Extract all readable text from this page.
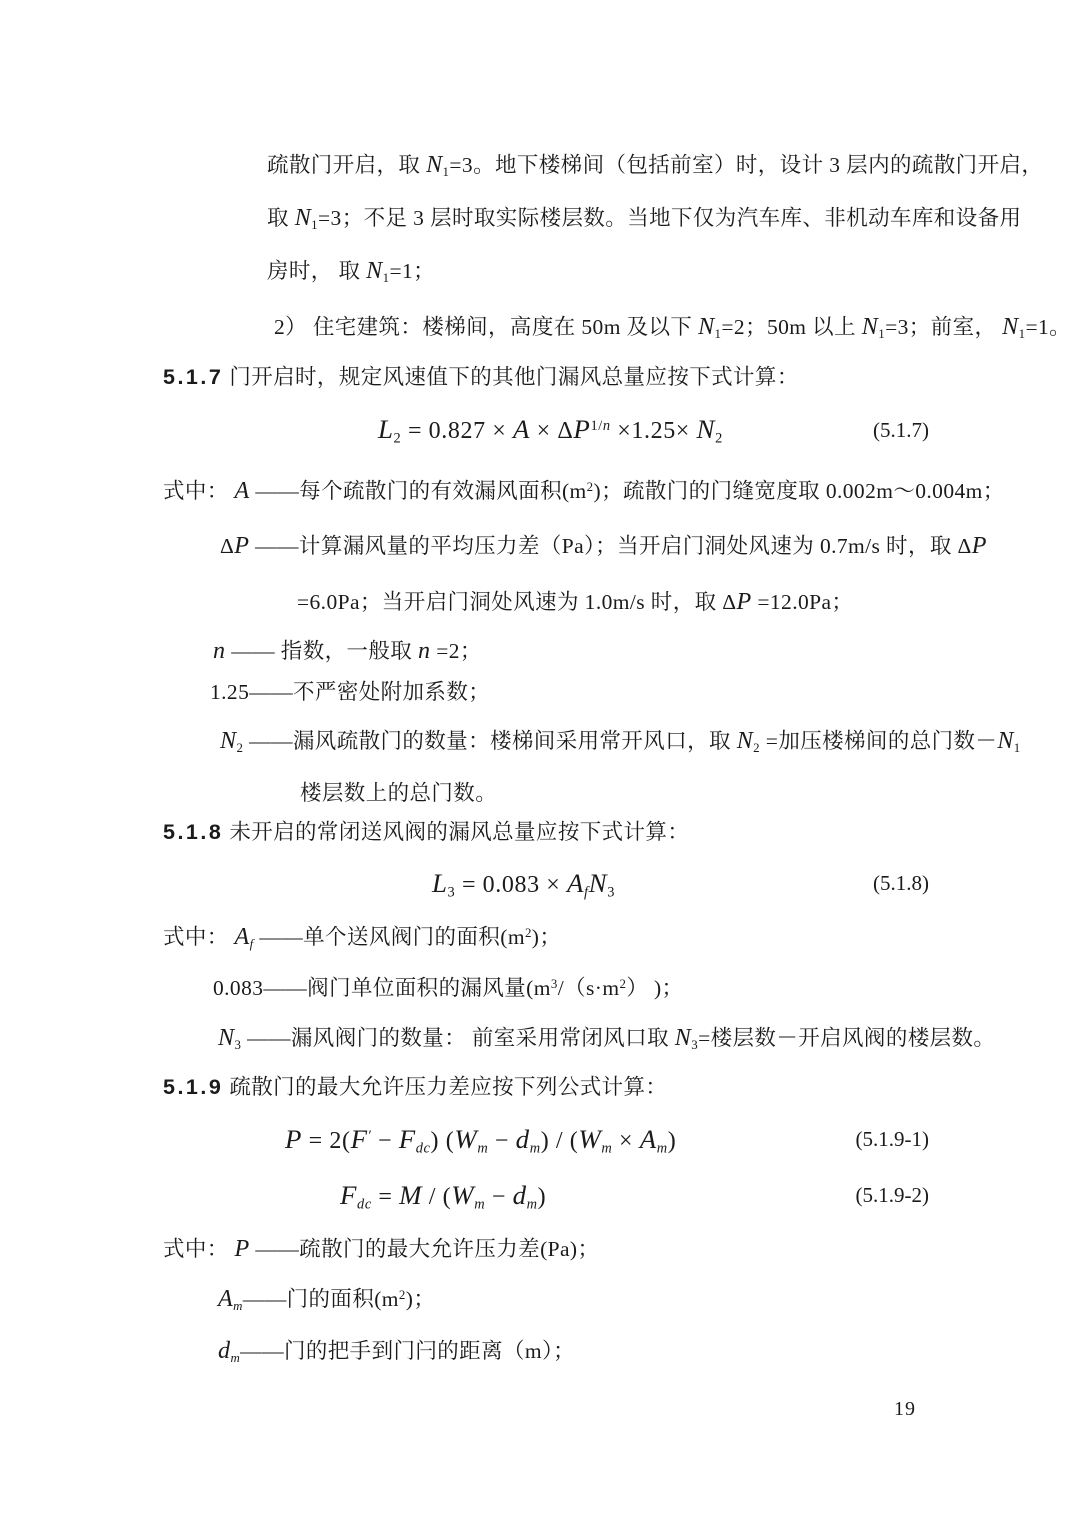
疏散门开启，取 N1=3。地下楼梯间（包括前室）时，设计 3 层内的疏散门开启，
取 N1=3；不足 3 层时取实际楼层数。当地下仅为汽车库、非机动车库和设备用
房时， 取 N1=1；
2） 住宅建筑：楼梯间，高度在 50m 及以下 N1=2；50m 以上 N1=3；前室， N1=1。
5.1.7 门开启时，规定风速值下的其他门漏风总量应按下式计算：
$L2 = 0.827 \times A \times \Delta P^{1/n} \times 1.25\times N2$	(5.1.7)
式中： A ——每个疏散门的有效漏风面积$(m^2)$；疏散门的门缝宽度取 0.002m～0.004m；
ΔP ——计算漏风量的平均压力差（Pa）；当开启门洞处风速为 0.7m/s 时，取 ΔP
=6.0Pa；当开启门洞处风速为 1.0m/s 时，取 ΔP =12.0Pa；
n —— 指数，一般取 n =2；
1.25——不严密处附加系数；
N2 ——漏风疏散门的数量：楼梯间采用常开风口，取 N2 =加压楼梯间的总门数－N1
楼层数上的总门数。
5.1.8 未开启的常闭送风阀的漏风总量应按下式计算：
L3 = 0.083 × AfN3	(5.1.8)
式中： Af ——单个送风阀门的面积$(m^2)$；
0.083——阀门单位面积的漏风量($m^3/(s\cdot m^2)$ )；
N3 ——漏风阀门的数量： 前室采用常闭风口取 N3=楼层数－开启风阀的楼层数。
5.1.9 疏散门的最大允许压力差应按下列公式计算：
P = 2(F′ − Fdc) (Wm − dm) / (Wm × Am)	(5.1.9-1)
Fdc = M / (Wm − dm)	(5.1.9-2)
式中： P ——疏散门的最大允许压力差(Pa)；
Am——门的面积$(m^2)$；
dm——门的把手到门闩的距离（m）；
19
